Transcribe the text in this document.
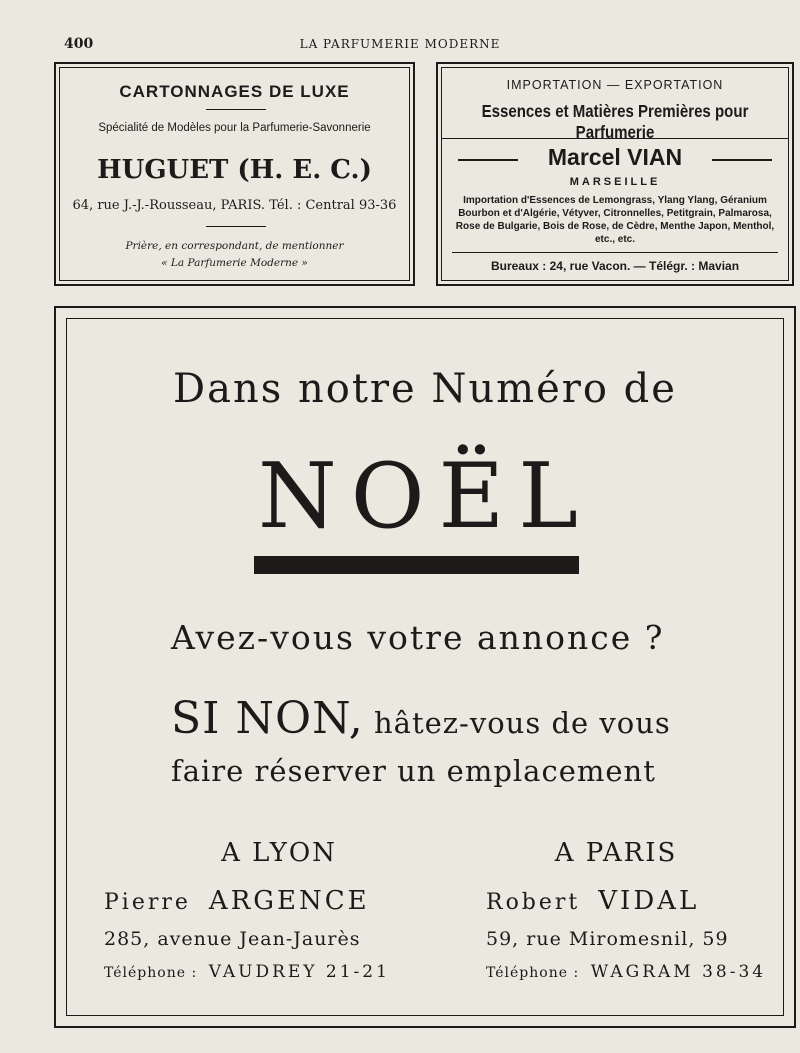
400	LA PARFUMERIE MODERNE
CARTONNAGES DE LUXE
Spécialité de Modèles pour la Parfumerie-Savonnerie
HUGUET (H. E. C.)
64, rue J.-J.-Rousseau, PARIS. Tél. : Central 93-36
Prière, en correspondant, de mentionner
« La Parfumerie Moderne »
IMPORTATION — EXPORTATION
Essences et Matières Premières pour Parfumerie
Marcel VIAN
MARSEILLE
Importation d'Essences de Lemongrass, Ylang Ylang, Géranium Bourbon et d'Algérie, Vétyver, Citronnelles, Petitgrain, Palmarosa, Rose de Bulgarie, Bois de Rose, de Cèdre, Menthe Japon, Menthol, etc., etc.
Bureaux : 24, rue Vacon. — Télégr. : Mavian
Dans notre Numéro de
NOËL
Avez-vous votre annonce ?
SI NON, hâtez-vous de vous
faire réserver un emplacement
A LYON
Pierre ARGENCE
285, avenue Jean-Jaurès
Téléphone : VAUDREY 21-21
A PARIS
Robert VIDAL
59, rue Miromesnil, 59
Téléphone : WAGRAM 38-34
